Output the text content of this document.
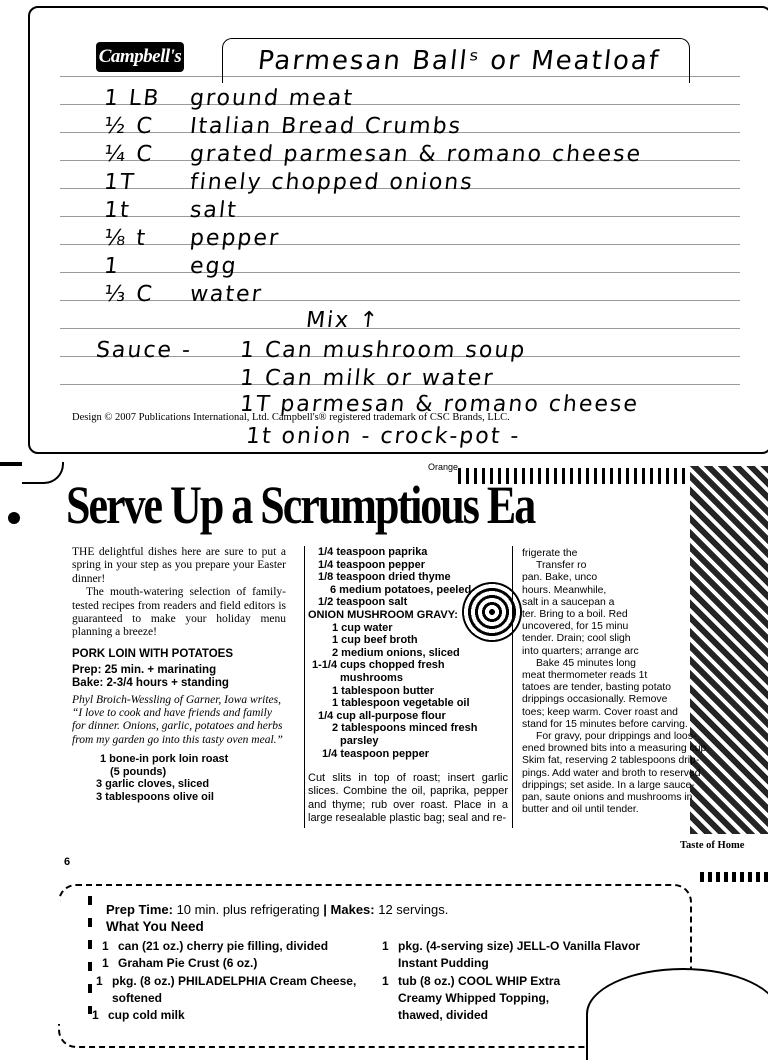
Campbell's	Parmesan Ballˢ or Meatloaf
1 LB ground meat
½ C Italian Bread Crumbs
¼ C grated parmesan & romano cheese
1T finely chopped onions
1t	salt
⅛ t pepper
1	egg
⅓ C water
Mix ↑
Sauce - 1 Can mushroom soup
1 Can milk or water
1T parmesan & romano cheese
Design © 2007 Publications International, Ltd. Campbell's® registered trademark of CSC Brands, LLC.
1t onion - crock-pot -
Orange
Serve Up a Scrumptious Ea
THE delightful dishes here are sure to put a spring in your step as you prepare your Easter dinner!
The mouth-watering selection of family-tested recipes from readers and field editors is guaranteed to make your holiday menu planning a breeze!
PORK LOIN WITH POTATOES
Prep: 25 min. + marinating
Bake: 2-3/4 hours + standing
Phyl Broich-Wessling of Garner, Iowa writes, “I love to cook and have friends and family for dinner. Onions, garlic, potatoes and herbs from my garden go into this tasty oven meal.”
1 bone-in pork loin roast
(5 pounds)
3 garlic cloves, sliced
3 tablespoons olive oil
1/4 teaspoon paprika
1/4 teaspoon pepper
1/8 teaspoon dried thyme
6 medium potatoes, peeled
1/2 teaspoon salt
ONION MUSHROOM GRAVY:
1 cup water
1 cup beef broth
2 medium onions, sliced
1-1/4 cups chopped fresh
mushrooms
1 tablespoon butter
1 tablespoon vegetable oil
1/4 cup all-purpose flour
2 tablespoons minced fresh
parsley
1/4 teaspoon pepper
Cut slits in top of roast; insert garlic slices. Combine the oil, paprika, pepper and thyme; rub over roast. Place in a large resealable plastic bag; seal and re-
frigerate the
Transfer ro
pan. Bake, unco
hours. Meanwhile,
salt in a saucepan a
ter. Bring to a boil. Red
uncovered, for 15 minu
tender. Drain; cool sligh
into quarters; arrange arc
Bake 45 minutes long
meat thermometer reads 1t
tatoes are tender, basting potato
drippings occasionally. Remove
toes; keep warm. Cover roast and
stand for 15 minutes before carving.
For gravy, pour drippings and loos-
ened browned bits into a measuring cup.
Skim fat, reserving 2 tablespoons drip-
pings. Add water and broth to reserved
drippings; set aside. In a large sauce-
pan, saute onions and mushrooms in
butter and oil until tender.
Taste of Home
6
Prep Time: 10 min. plus refrigerating | Makes: 12 servings.
What You Need
1 can (21 oz.) cherry pie filling, divided
1 Graham Pie Crust (6 oz.)
1 pkg. (8 oz.) PHILADELPHIA Cream Cheese,
softened
1 cup cold milk
1 pkg. (4-serving size) JELL-O Vanilla Flavor
Instant Pudding
1 tub (8 oz.) COOL WHIP Extra
Creamy Whipped Topping,
thawed, divided
